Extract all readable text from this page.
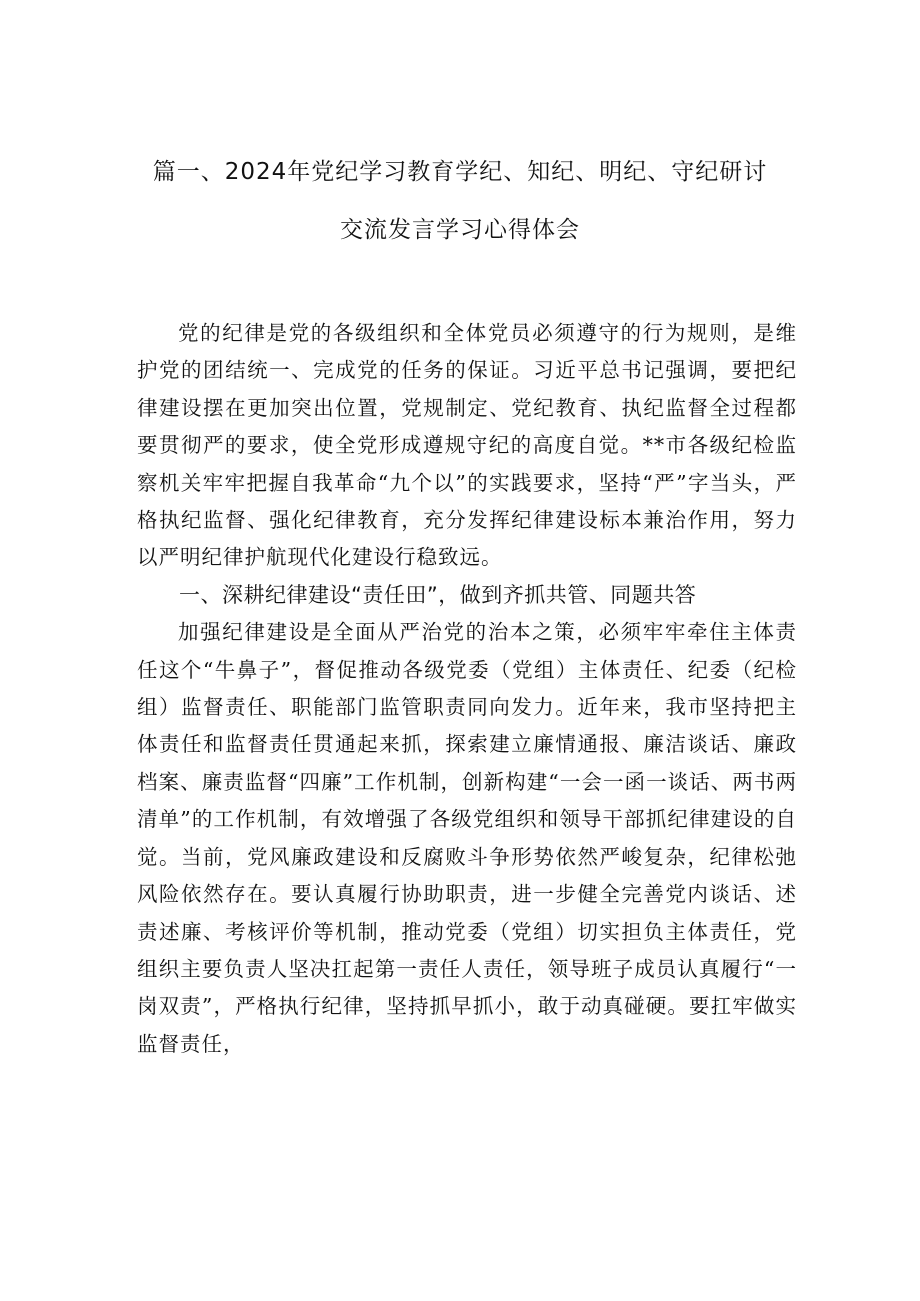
篇一、2024年党纪学习教育学纪、知纪、明纪、守纪研讨
交流发言学习心得体会

党的纪律是党的各级组织和全体党员必须遵守的行为规则，是维护党的团结统一、完成党的任务的保证。习近平总书记强调，要把纪律建设摆在更加突出位置，党规制定、党纪教育、执纪监督全过程都要贯彻严的要求，使全党形成遵规守纪的高度自觉。**市各级纪检监察机关牢牢把握自我革命“九个以”的实践要求，坚持“严”字当头，严格执纪监督、强化纪律教育，充分发挥纪律建设标本兼治作用，努力以严明纪律护航现代化建设行稳致远。

一、深耕纪律建设“责任田”，做到齐抓共管、同题共答

加强纪律建设是全面从严治党的治本之策，必须牢牢牵住主体责任这个“牛鼻子”，督促推动各级党委（党组）主体责任、纪委（纪检组）监督责任、职能部门监管职责同向发力。近年来，我市坚持把主体责任和监督责任贯通起来抓，探索建立廉情通报、廉洁谈话、廉政档案、廉责监督“四廉”工作机制，创新构建“一会一函一谈话、两书两清单”的工作机制，有效增强了各级党组织和领导干部抓纪律建设的自觉。当前，党风廉政建设和反腐败斗争形势依然严峻复杂，纪律松弛风险依然存在。要认真履行协助职责，进一步健全完善党内谈话、述责述廉、考核评价等机制，推动党委（党组）切实担负主体责任，党组织主要负责人坚决扛起第一责任人责任，领导班子成员认真履行“一岗双责”，严格执行纪律，坚持抓早抓小，敢于动真碰硬。要扛牢做实监督责任，
